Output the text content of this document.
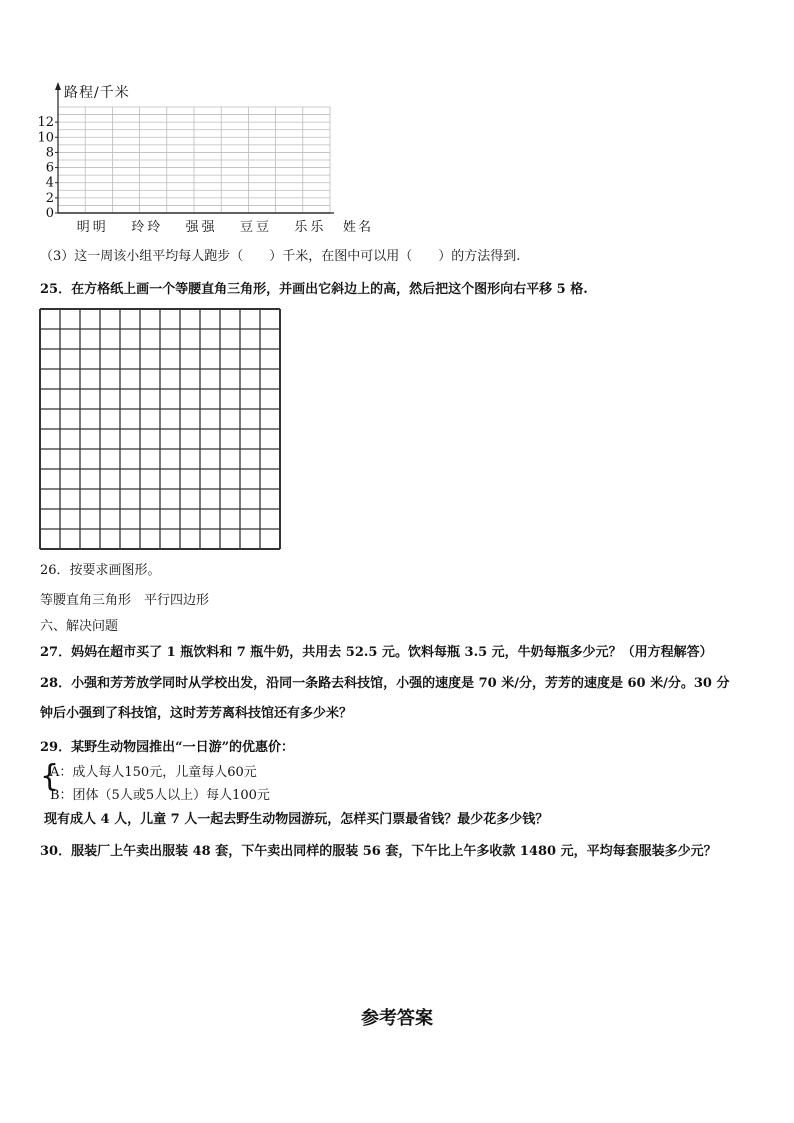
路程/千米
0
2
4
6
8
10
12
明明 玲玲 强强 豆豆 乐乐 姓名
（3）这一周该小组平均每人跑步（　　）千米，在图中可以用（　　）的方法得到.
25．在方格纸上画一个等腰直角三角形，并画出它斜边上的高，然后把这个图形向右平移 5 格.
26．按要求画图形。
等腰直角三角形　平行四边形
六、解决问题
27．妈妈在超市买了 1 瓶饮料和 7 瓶牛奶，共用去 52.5 元。饮料每瓶 3.5 元，牛奶每瓶多少元？（用方程解答）
28．小强和芳芳放学同时从学校出发，沿同一条路去科技馆，小强的速度是 70 米/分，芳芳的速度是 60 米/分。30 分
钟后小强到了科技馆，这时芳芳离科技馆还有多少米？
29．某野生动物园推出“一日游”的优惠价：
{
A：成人每人150元，儿童每人60元
B：团体（5人或5人以上）每人100元
现有成人 4 人，儿童 7 人一起去野生动物园游玩，怎样买门票最省钱？最少花多少钱？
30．服装厂上午卖出服装 48 套，下午卖出同样的服装 56 套，下午比上午多收款 1480 元，平均每套服装多少元？
参考答案
